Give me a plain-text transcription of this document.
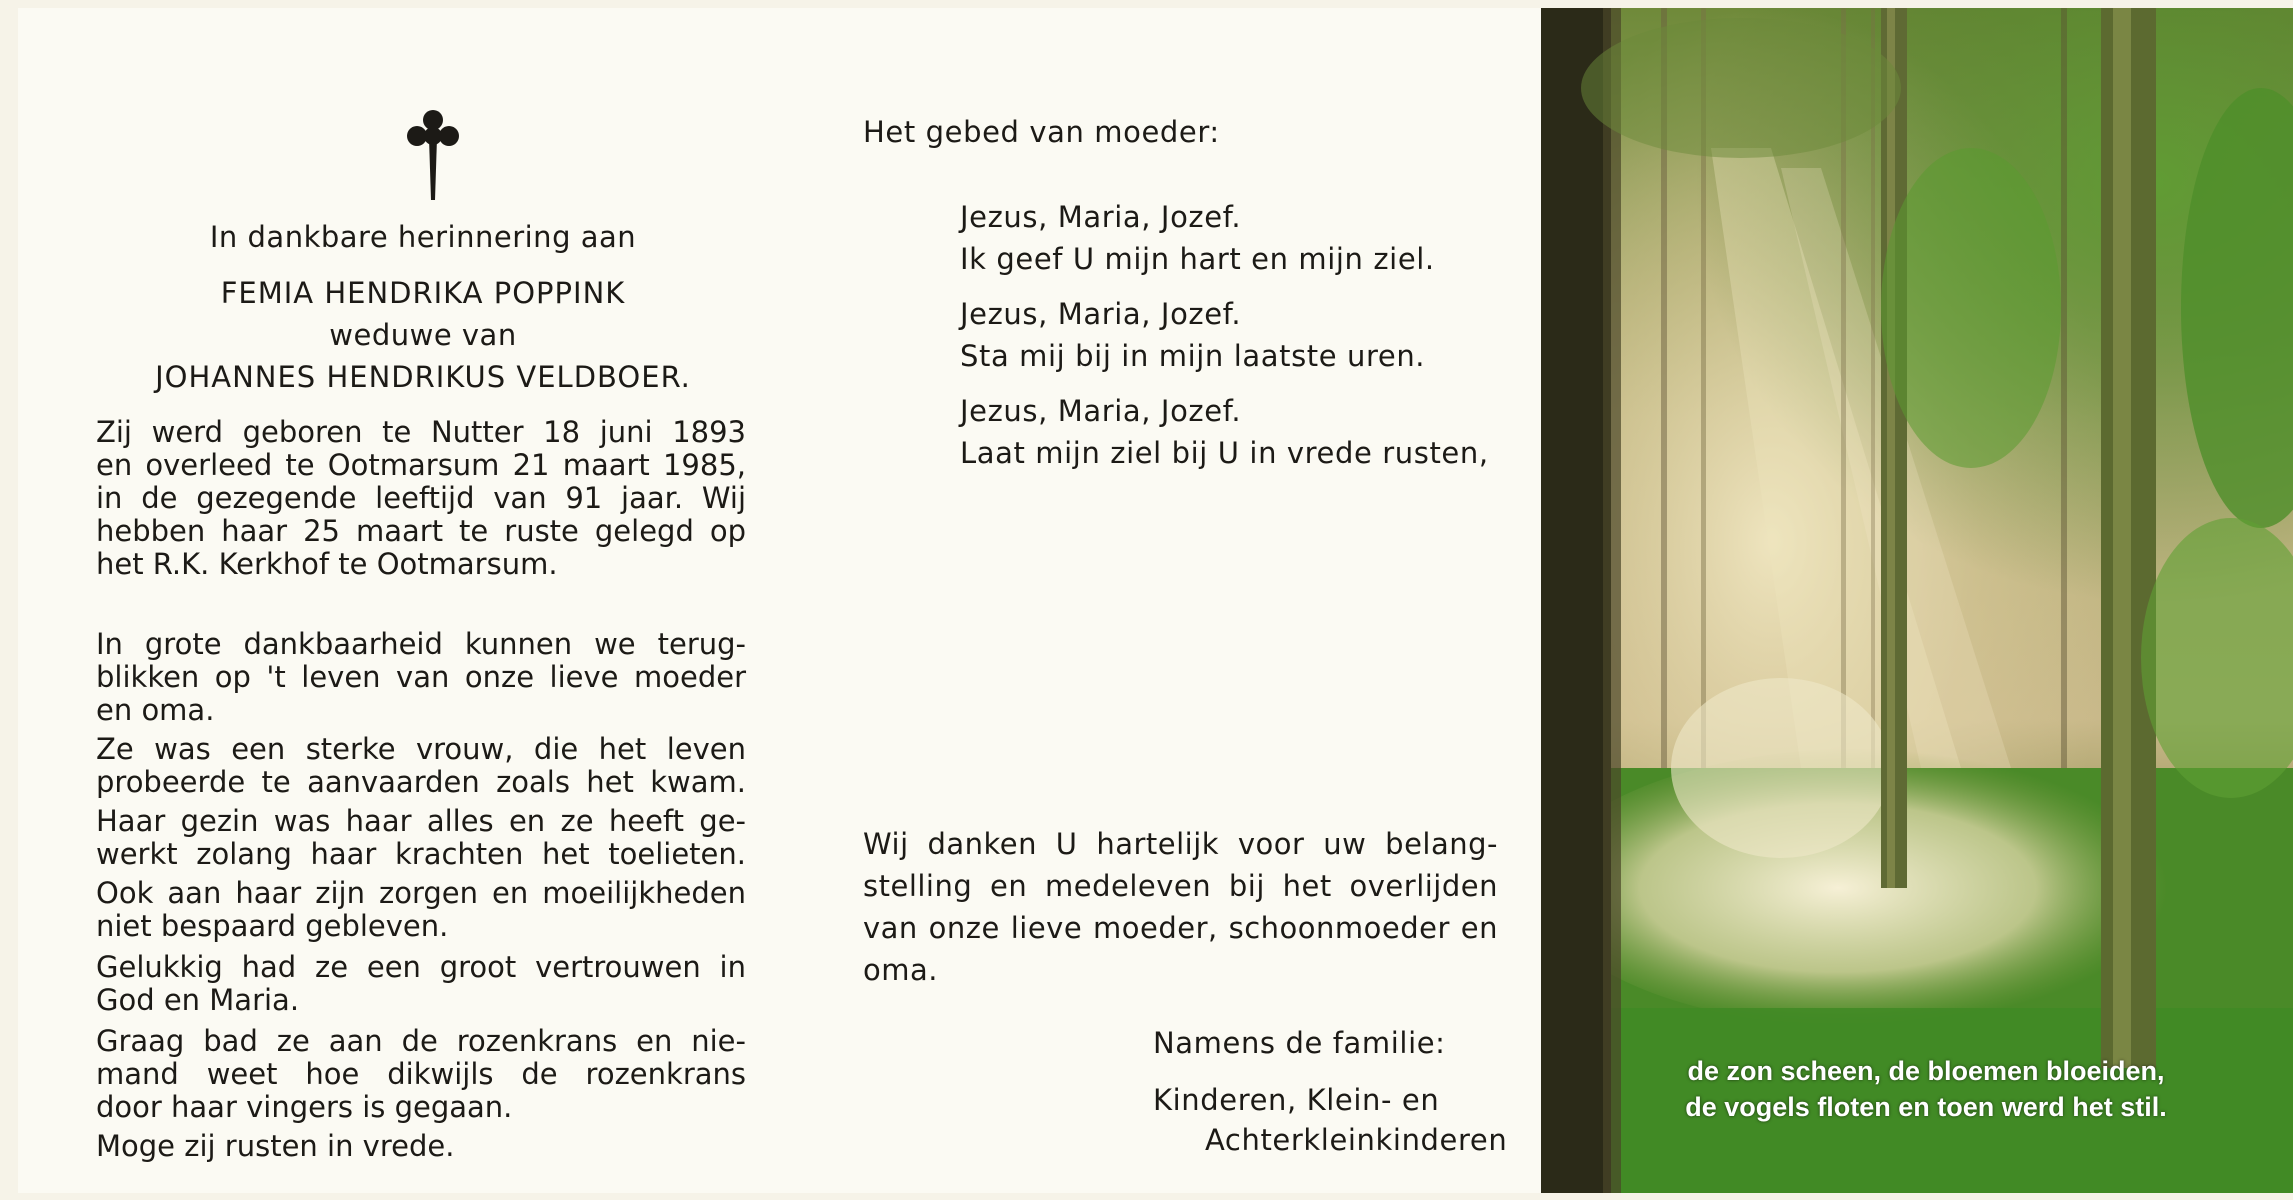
In dankbare herinnering aan
FEMIA HENDRIKA POPPINK
weduwe van
JOHANNES HENDRIKUS VELDBOER.
Zij werd geboren te Nutter 18 juni 1893
en overleed te Ootmarsum 21 maart 1985,
in de gezegende leeftijd van 91 jaar. Wij
hebben haar 25 maart te ruste gelegd op
het R.K. Kerkhof te Ootmarsum.
In grote dankbaarheid kunnen we terug-
blikken op 't leven van onze lieve moeder
en oma.
Ze was een sterke vrouw, die het leven
probeerde te aanvaarden zoals het kwam.
Haar gezin was haar alles en ze heeft ge-
werkt zolang haar krachten het toelieten.
Ook aan haar zijn zorgen en moeilijkheden
niet bespaard gebleven.
Gelukkig had ze een groot vertrouwen in
God en Maria.
Graag bad ze aan de rozenkrans en nie-
mand weet hoe dikwijls de rozenkrans
door haar vingers is gegaan.
Moge zij rusten in vrede.
Het gebed van moeder:
Jezus, Maria, Jozef.
Ik geef U mijn hart en mijn ziel.
Jezus, Maria, Jozef.
Sta mij bij in mijn laatste uren.
Jezus, Maria, Jozef.
Laat mijn ziel bij U in vrede rusten,
Wij danken U hartelijk voor uw belang-
stelling en medeleven bij het overlijden
van onze lieve moeder, schoonmoeder en
oma.
Namens de familie:
Kinderen, Klein- en
Achterkleinkinderen
de zon scheen, de bloemen bloeiden,
de vogels floten en toen werd het stil.
